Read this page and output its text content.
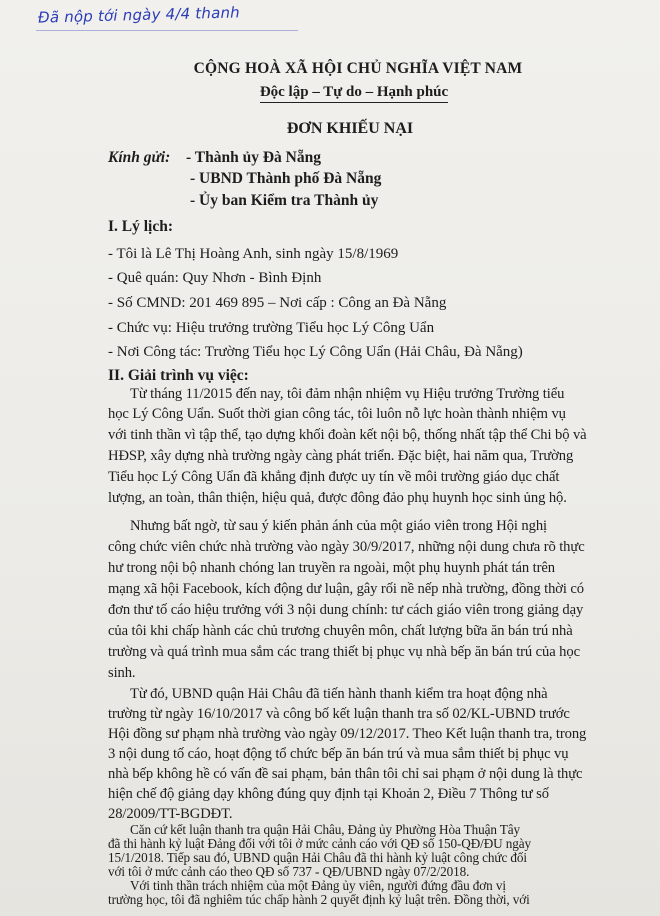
Đã nộp tới ngày 4/4 thanh
CỘNG HOÀ XÃ HỘI CHỦ NGHĨA VIỆT NAM
Độc lập – Tự do – Hạnh phúc
ĐƠN KHIẾU NẠI
Kính gửi: - Thành ủy Đà Nẵng
- UBND Thành phố Đà Nẵng
- Ủy ban Kiểm tra Thành ủy
I. Lý lịch:
- Tôi là Lê Thị Hoàng Anh, sinh ngày 15/8/1969
- Quê quán: Quy Nhơn - Bình Định
- Số CMND: 201 469 895 – Nơi cấp : Công an Đà Nẵng
- Chức vụ: Hiệu trưởng trường Tiểu học Lý Công Uẩn
- Nơi Công tác: Trường Tiểu học Lý Công Uẩn (Hải Châu, Đà Nẵng)
II. Giải trình vụ việc:
Từ tháng 11/2015 đến nay, tôi đảm nhận nhiệm vụ Hiệu trưởng Trường tiểu
học Lý Công Uẩn. Suốt thời gian công tác, tôi luôn nỗ lực hoàn thành nhiệm vụ
với tinh thần vì tập thể, tạo dựng khối đoàn kết nội bộ, thống nhất tập thể Chi bộ và
HĐSP, xây dựng nhà trường ngày càng phát triển. Đặc biệt, hai năm qua, Trường
Tiểu học Lý Công Uẩn đã khẳng định được uy tín về môi trường giáo dục chất
lượng, an toàn, thân thiện, hiệu quả, được đông đảo phụ huynh học sinh ủng hộ.
Nhưng bất ngờ, từ sau ý kiến phản ánh của một giáo viên trong Hội nghị
công chức viên chức nhà trường vào ngày 30/9/2017, những nội dung chưa rõ thực
hư trong nội bộ nhanh chóng lan truyền ra ngoài, một phụ huynh phát tán trên
mạng xã hội Facebook, kích động dư luận, gây rối nề nếp nhà trường, đồng thời có
đơn thư tố cáo hiệu trưởng với 3 nội dung chính: tư cách giáo viên trong giảng dạy
của tôi khi chấp hành các chủ trương chuyên môn, chất lượng bữa ăn bán trú nhà
trường và quá trình mua sắm các trang thiết bị phục vụ nhà bếp ăn bán trú của học
sinh.
Từ đó, UBND quận Hải Châu đã tiến hành thanh kiểm tra hoạt động nhà
trường từ ngày 16/10/2017 và công bố kết luận thanh tra số 02/KL-UBND trước
Hội đồng sư phạm nhà trường vào ngày 09/12/2017. Theo Kết luận thanh tra, trong
3 nội dung tố cáo, hoạt động tổ chức bếp ăn bán trú và mua sắm thiết bị phục vụ
nhà bếp không hề có vấn đề sai phạm, bản thân tôi chỉ sai phạm ở nội dung là thực
hiện chế độ giảng dạy không đúng quy định tại Khoản 2, Điều 7 Thông tư số
28/2009/TT-BGDĐT.
Căn cứ kết luận thanh tra quận Hải Châu, Đảng ủy Phường Hòa Thuận Tây
đã thi hành kỷ luật Đảng đối với tôi ở mức cảnh cáo với QĐ số 150-QĐ/ĐU ngày
15/1/2018. Tiếp sau đó, UBND quận Hải Châu đã thi hành kỷ luật công chức đối
với tôi ở mức cảnh cáo theo QĐ số 737 - QĐ/UBND ngày 07/2/2018.
Với tinh thần trách nhiệm của một Đảng ủy viên, người đứng đầu đơn vị
trường học, tôi đã nghiêm túc chấp hành 2 quyết định kỷ luật trên. Đồng thời, với
